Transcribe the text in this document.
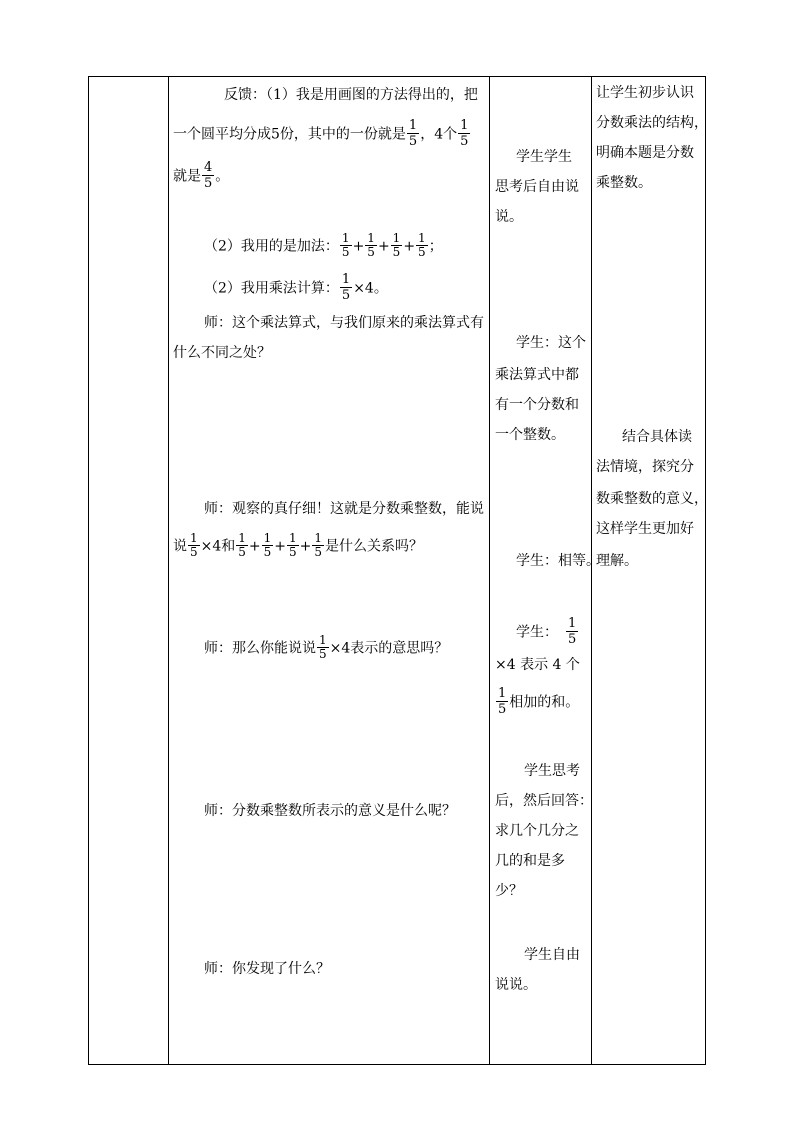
反馈：（1）我是用画图的方法得出的，把
一个圆平均分成5份，其中的一份就是 $\frac{1}{5}$ ，4个 $\frac{1}{5}$
就是 $\frac{4}{5}$ 。
（2）我用的是加法： $\frac{1}{5} + \frac{1}{5} + \frac{1}{5} + \frac{1}{5}$ ；
（2）我用乘法计算： $\frac{1}{5} \times 4$。
师：这个乘法算式，与我们原来的乘法算式有
什么不同之处？
师：观察的真仔细！这就是分数乘整数，能说
说 $\frac{1}{5} \times 4$和 $\frac{1}{5} + \frac{1}{5} + \frac{1}{5} + \frac{1}{5}$ 是什么关系吗？
师：那么你能说说 $\frac{1}{5} \times 4$表示的意思吗？
师：分数乘整数所表示的意义是什么呢？
师：你发现了什么？
学生学生
思考后自由说
说。
学生：这个
乘法算式中都
有一个分数和
一个整数。
学生：相等。
学生： $\frac{1}{5}$
×4 表示 4 个
$\frac{1}{5}$ 相加的和。
学生思考
后，然后回答：
求几个几分之
几的和是多
少？
学生自由
说说。
让学生初步认识
分数乘法的结构，
明确本题是分数
乘整数。
结合具体读
法情境，探究分
数乘整数的意义，
这样学生更加好
理解。
